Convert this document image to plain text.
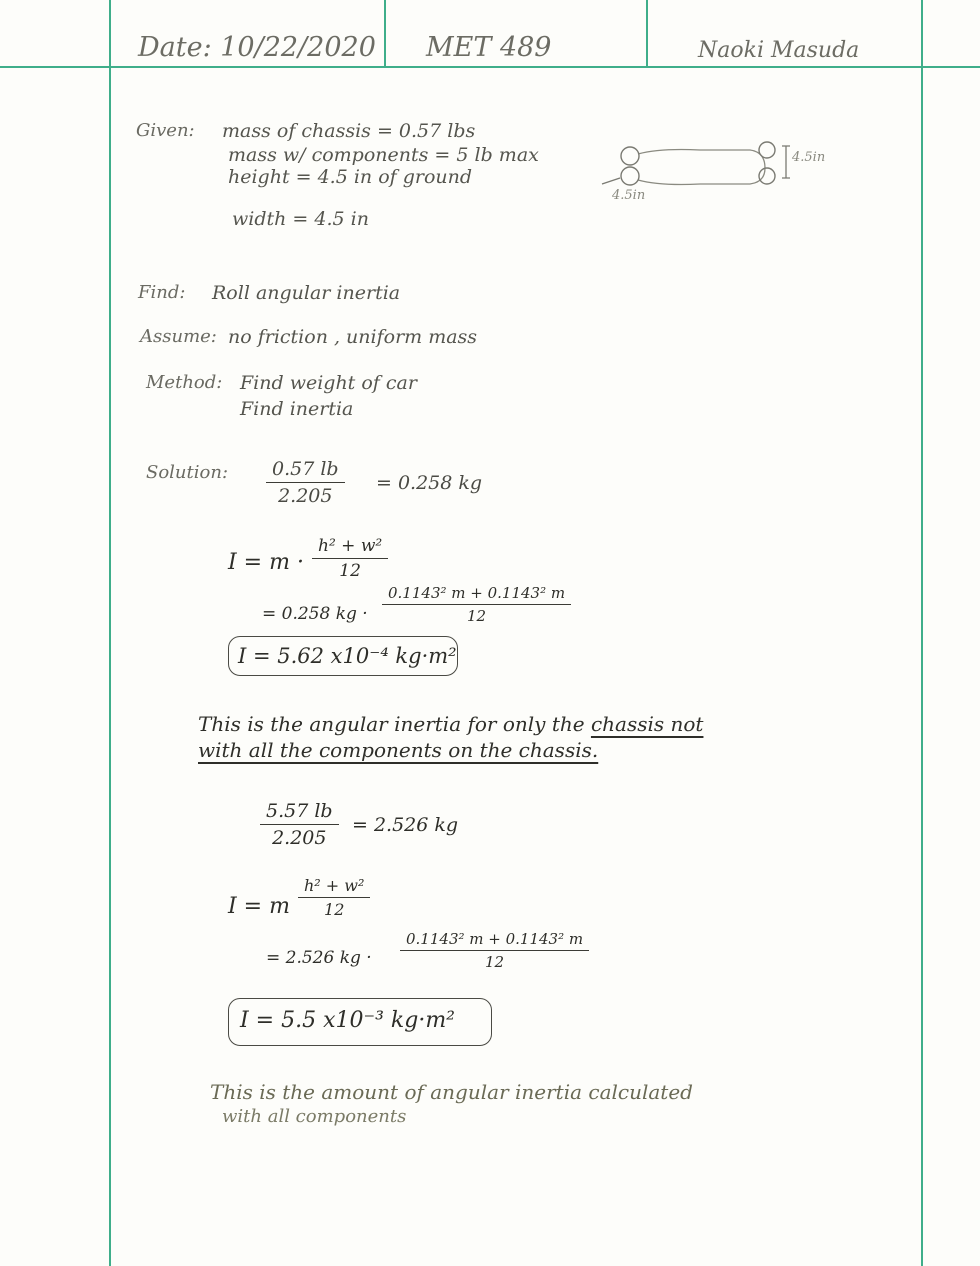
Date: 10/22/2020 MET 489	Naoki Masuda
Given: mass of chassis = 0.57 lbs
mass w/ components = 5 lb max
height = 4.5 in of ground
width = 4.5 in
4.5in
4.5in
Find: Roll angular inertia
Assume: no friction , uniform mass
Method: Find weight of car
Find inertia
Solution: $\frac{0.57 lb}{2.205} = 0.258$ kg
$I = m \cdot \frac{\text{h² + w²}}{12}$
= 0.258 kg · $\frac{\text{0.1143² m + 0.1143² m}}{12}$
I = 5.62 x10⁻⁴ kg·m²
This is the angular inertia for only the chassis not
with all the components on the chassis.
$\frac{5.57 lb}{2.205} = 2.526$ kg
I = m $\frac{\text{h² + w²}}{12}$
= 2.526 kg · $\frac{\text{0.1143² m + 0.1143² m}}{12}$
I = 5.5 x10⁻³ kg·m²
This is the amount of angular inertia calculated
with all components
